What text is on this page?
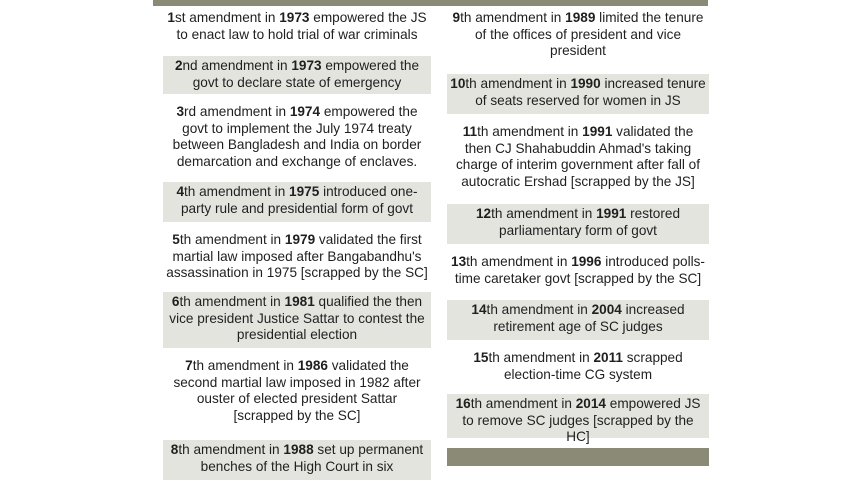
1st amendment in 1973 empowered the JS to enact law to hold trial of war criminals
2nd amendment in 1973 empowered the govt to declare state of emergency
3rd amendment in 1974 empowered the govt to implement the July 1974 treaty between Bangladesh and India on border demarcation and exchange of enclaves.
4th amendment in 1975 introduced one-party rule and presidential form of govt
5th amendment in 1979 validated the first martial law imposed after Bangabandhu's assassination in 1975 [scrapped by the SC]
6th amendment in 1981 qualified the then vice president Justice Sattar to contest the presidential election
7th amendment in 1986 validated the second martial law imposed in 1982 after ouster of elected president Sattar [scrapped by the SC]
8th amendment in 1988 set up permanent benches of the High Court in six
9th amendment in 1989 limited the tenure of the offices of president and vice president
10th amendment in 1990 increased tenure of seats reserved for women in JS
11th amendment in 1991 validated the then CJ Shahabuddin Ahmad's taking charge of interim government after fall of autocratic Ershad [scrapped by the JS]
12th amendment in 1991 restored parliamentary form of govt
13th amendment in 1996 introduced polls-time caretaker govt [scrapped by the SC]
14th amendment in 2004 increased retirement age of SC judges
15th amendment in 2011 scrapped election-time CG system
16th amendment in 2014 empowered JS to remove SC judges [scrapped by the HC]
